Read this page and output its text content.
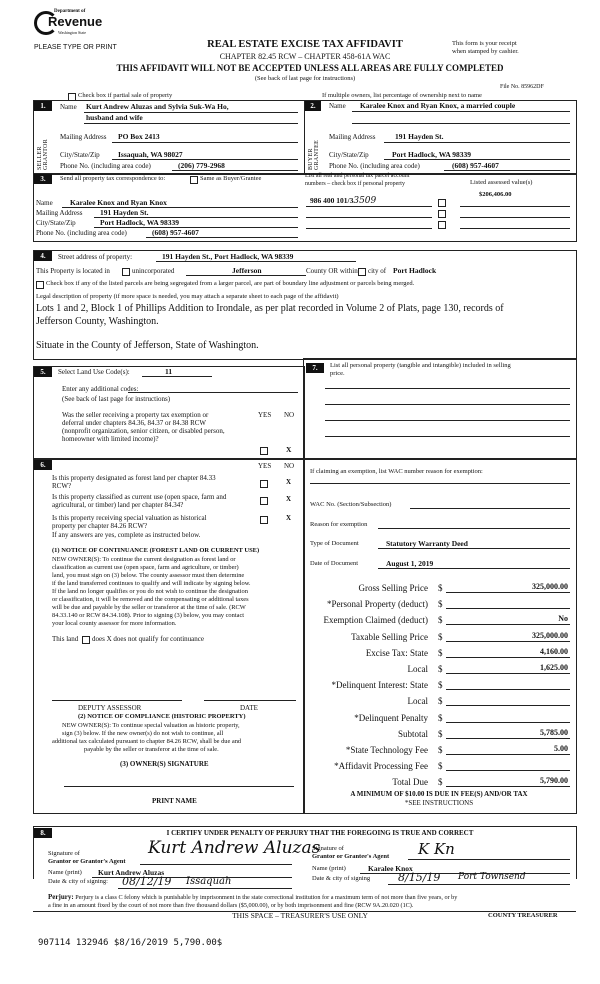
Department of
Revenue
Washington State
PLEASE TYPE OR PRINT	REAL ESTATE EXCISE TAX AFFIDAVIT
CHAPTER 82.45 RCW – CHAPTER 458-61A WAC
THIS AFFIDAVIT WILL NOT BE ACCEPTED UNLESS ALL AREAS ARE FULLY COMPLETED
(See back of last page for instructions)
This form is your receipt
when stamped by cashier.
File No. 85962DF
Check box if partial sale of property	If multiple owners, list percentage of ownership next to name
1.
SELLER GRANTOR
Name Kurt Andrew Aluzas and Sylvia Suk-Wa Ho,
husband and wife
Mailing Address PO Box 2413
City/State/Zip Issaquah, WA 98027
Phone No. (including area code)	(206) 779-2968
2.
BUYER GRANTEE
Name Karalee Knox and Ryan Knox, a married couple
Mailing Address	191 Hayden St.
City/State/Zip	Port Hadlock, WA 98339
Phone No. (including area code)	(608) 957-4607
3.	Send all property tax correspondence to:	Same as Buyer/Grantee	List all real and personal tax parcel account
numbers – check box if personal property	Listed assessed value(s)
$206,406.00
Name Karalee Knox and Ryan Knox
Mailing Address 191 Hayden St.
City/State/Zip	Port Hadlock, WA 98339
Phone No. (including area code)	(608) 957-4607
986 400 101/33509
4.	Street address of property:	191 Hayden St., Port Hadlock, WA 98339
This Property is located in	unincorporated	Jefferson	County OR within city of Port Hadlock
Check box if any of the listed parcels are being segregated from a larger parcel, are part of boundary line adjustment or parcels being merged.
Legal description of property (if more space is needed, you may attach a separate sheet to each page of the affidavit)
Lots 1 and 2, Block 1 of Phillips Addition to Irondale, as per plat recorded in Volume 2 of Plats, page 130, records of
Jefferson County, Washington.
Situate in the County of Jefferson, State of Washington.
5.	Select Land Use Code(s):	11
Enter any additional codes:
(See back of last page for instructions)
YES NO
Was the seller receiving a property tax exemption or
deferral under chapters 84.36, 84.37 or 84.38 RCW
(nonprofit organization, senior citizen, or disabled person,
homeowner with limited income)?
X
7.	List all personal property (tangible and intangible) included in selling
price.
6.	YES NO
Is this property designated as forest land per chapter 84.33
RCW?	X
Is this property classified as current use (open space, farm and
agricultural, or timber) land per chapter 84.34?
X
Is this property receiving special valuation as historical
property per chapter 84.26 RCW?
X
If any answers are yes, complete as instructed below.
(1) NOTICE OF CONTINUANCE (FOREST LAND OR CURRENT USE)
NEW OWNER(S): To continue the current designation as forest land or
classification as current use (open space, farm and agriculture, or timber)
land, you must sign on (3) below. The county assessor must then determine
if the land transferred continues to qualify and will indicate by signing below.
If the land no longer qualifies or you do not wish to continue the designation
or classification, it will be removed and the compensating or additional taxes
will be due and payable by the seller or transferor at the time of sale. (RCW
84.33.140 or RCW 84.34.108). Prior to signing (3) below, you may contact
your local county assessor for more information.
This land does X does not qualify for continuance
DEPUTY ASSESSOR	DATE
(2) NOTICE OF COMPLIANCE (HISTORIC PROPERTY)
NEW OWNER(S): To continue special valuation as historic property,
sign (3) below. If the new owner(s) do not wish to continue, all
additional tax calculated pursuant to chapter 84.26 RCW, shall be due and
payable by the seller or transferor at the time of sale.
(3) OWNER(S) SIGNATURE
PRINT NAME
If claiming an exemption, list WAC number reason for exemption:
WAC No. (Section/Subsection)
Reason for exemption
Type of Document	Statutory Warranty Deed
Date of Document	August 1, 2019
Gross Selling Price $	325,000.00
*Personal Property (deduct) $
Exemption Claimed (deduct) $	No
Taxable Selling Price $	325,000.00
Excise Tax: State $	4,160.00
Local $	1,625.00
*Delinquent Interest: State $
Local $
*Delinquent Penalty $
Subtotal $	5,785.00
*State Technology Fee $	5.00
*Affidavit Processing Fee $
Total Due $	5,790.00
A MINIMUM OF $10.00 IS DUE IN FEE(S) AND/OR TAX
*SEE INSTRUCTIONS
8.	I CERTIFY UNDER PENALTY OF PERJURY THAT THE FOREGOING IS TRUE AND CORRECT
Signature of
Grantor or Grantor's Agent
Kurt Andrew Aluzas
Name (print) Kurt Andrew Aluzas
Date & city of signing: 08/12/19 Issaquah
Signature of
Grantor or Grantee's Agent K Kn
Name (print)	Karalee Knox
Date & city of signing	8/15/19 Port Townsend
Perjury: Perjury is a class C felony which is punishable by imprisonment in the state correctional institution for a maximum term of not more than five years, or by
a fine in an amount fixed by the court of not more than five thousand dollars ($5,000.00), or by both imprisonment and fine (RCW 9A.20.020 (1C).
THIS SPACE – TREASURER'S USE ONLY	COUNTY TREASURER
907114 132946 $8/16/2019 5,790.00$
